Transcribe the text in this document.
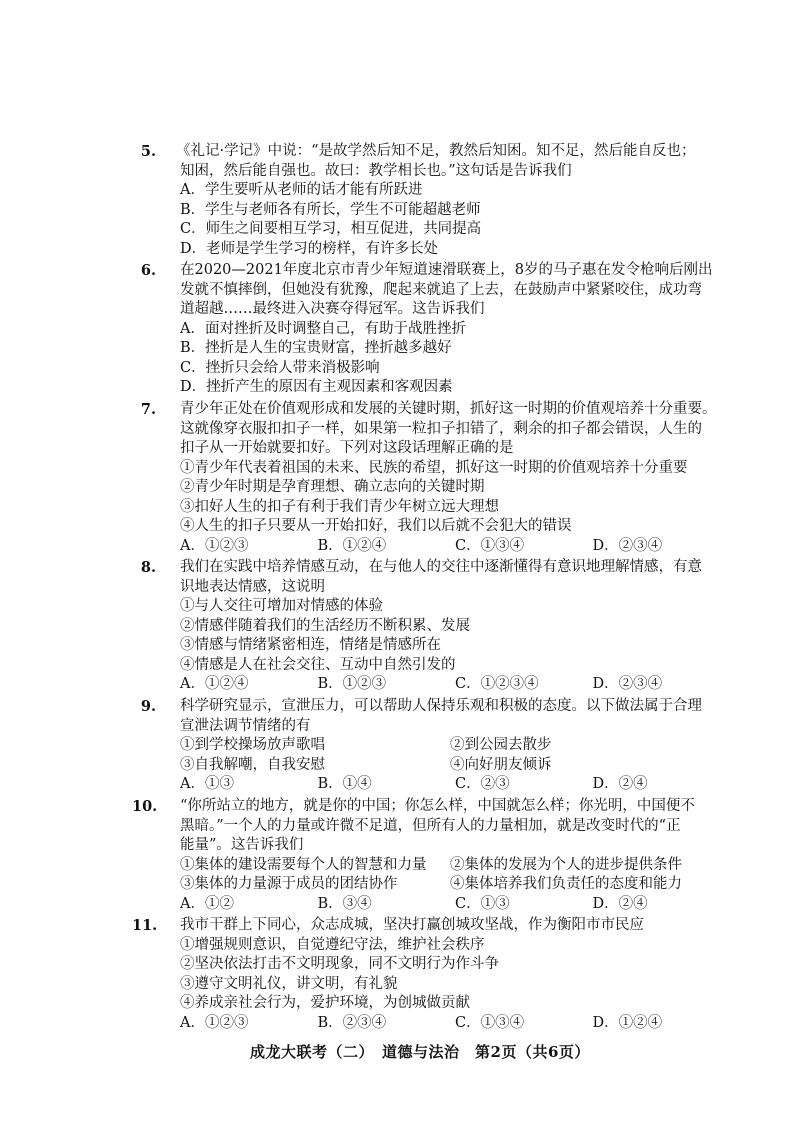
5.	《礼记·学记》中说：“是故学然后知不足，教然后知困。知不足，然后能自反也；
知困，然后能自强也。故曰：教学相长也。”这句话是告诉我们
A．学生要听从老师的话才能有所跃进
B．学生与老师各有所长，学生不可能超越老师
C．师生之间要相互学习，相互促进，共同提高
D．老师是学生学习的榜样，有许多长处
6.	在2020—2021年度北京市青少年短道速滑联赛上，8岁的马子惠在发令枪响后刚出
发就不慎摔倒，但她没有犹豫，爬起来就追了上去，在鼓励声中紧紧咬住，成功弯
道超越……最终进入决赛夺得冠军。这告诉我们
A．面对挫折及时调整自己，有助于战胜挫折
B．挫折是人生的宝贵财富，挫折越多越好
C．挫折只会给人带来消极影响
D．挫折产生的原因有主观因素和客观因素
7.	青少年正处在价值观形成和发展的关键时期，抓好这一时期的价值观培养十分重要。
这就像穿衣服扣扣子一样，如果第一粒扣子扣错了，剩余的扣子都会错误，人生的
扣子从一开始就要扣好。下列对这段话理解正确的是
①青少年代表着祖国的未来、民族的希望，抓好这一时期的价值观培养十分重要
②青少年时期是孕育理想、确立志向的关键时期
③扣好人生的扣子有利于我们青少年树立远大理想
④人生的扣子只要从一开始扣好，我们以后就不会犯大的错误
A．①②③	B．①②④	C．①③④	D．②③④
8.	我们在实践中培养情感互动，在与他人的交往中逐渐懂得有意识地理解情感，有意
识地表达情感，这说明
①与人交往可增加对情感的体验
②情感伴随着我们的生活经历不断积累、发展
③情感与情绪紧密相连，情绪是情感所在
④情感是人在社会交往、互动中自然引发的
A．①②④	B．①②③	C．①②③④	D．②③④
9.	科学研究显示，宣泄压力，可以帮助人保持乐观和积极的态度。以下做法属于合理
宣泄法调节情绪的有
①到学校操场放声歌唱	②到公园去散步
③自我解嘲，自我安慰	④向好朋友倾诉
A．①③	B．①④	C．②③	D．②④
10.	“你所站立的地方，就是你的中国；你怎么样，中国就怎么样；你光明，中国便不
黑暗。”一个人的力量或许微不足道，但所有人的力量相加，就是改变时代的“正
能量”。这告诉我们
①集体的建设需要每个人的智慧和力量	②集体的发展为个人的进步提供条件
③集体的力量源于成员的团结协作	④集体培养我们负责任的态度和能力
A．①②	B．③④	C．①③	D．②④
11.	我市干群上下同心，众志成城，坚决打赢创城攻坚战，作为衡阳市市民应
①增强规则意识，自觉遵纪守法，维护社会秩序
②坚决依法打击不文明现象，同不文明行为作斗争
③遵守文明礼仪，讲文明，有礼貌
④养成亲社会行为，爱护环境，为创城做贡献
A．①②③	B．②③④	C．①③④	D．①②④
成龙大联考（二）　道德与法治　第2页（共6页）
